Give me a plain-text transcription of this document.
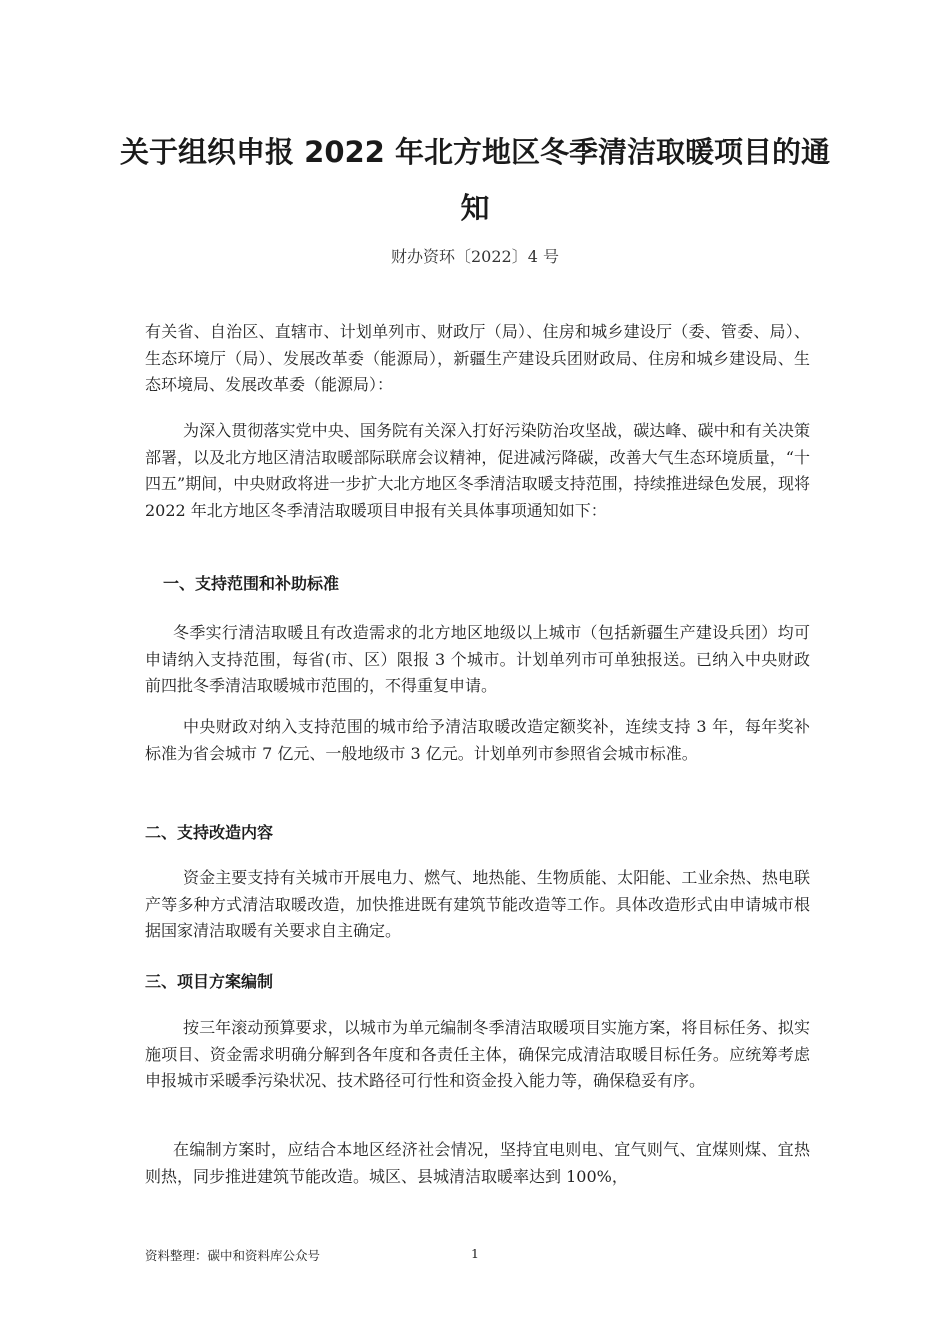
关于组织申报 2022 年北方地区冬季清洁取暖项目的通知
财办资环〔2022〕4 号

有关省、自治区、直辖市、计划单列市、财政厅（局）、住房和城乡建设厅（委、管委、局）、生态环境厅（局）、发展改革委（能源局），新疆生产建设兵团财政局、住房和城乡建设局、生态环境局、发展改革委（能源局）：

为深入贯彻落实党中央、国务院有关深入打好污染防治攻坚战，碳达峰、碳中和有关决策部署，以及北方地区清洁取暖部际联席会议精神，促进减污降碳，改善大气生态环境质量，“十四五”期间，中央财政将进一步扩大北方地区冬季清洁取暖支持范围，持续推进绿色发展，现将 2022 年北方地区冬季清洁取暖项目申报有关具体事项通知如下：

一、支持范围和补助标准

冬季实行清洁取暖且有改造需求的北方地区地级以上城市（包括新疆生产建设兵团）均可申请纳入支持范围，每省(市、区）限报 3 个城市。计划单列市可单独报送。已纳入中央财政前四批冬季清洁取暖城市范围的，不得重复申请。

中央财政对纳入支持范围的城市给予清洁取暖改造定额奖补，连续支持 3 年，每年奖补标准为省会城市 7 亿元、一般地级市 3 亿元。计划单列市参照省会城市标准。

二、支持改造内容

资金主要支持有关城市开展电力、燃气、地热能、生物质能、太阳能、工业余热、热电联产等多种方式清洁取暖改造，加快推进既有建筑节能改造等工作。具体改造形式由申请城市根据国家清洁取暖有关要求自主确定。

三、项目方案编制

按三年滚动预算要求，以城市为单元编制冬季清洁取暖项目实施方案，将目标任务、拟实施项目、资金需求明确分解到各年度和各责任主体，确保完成清洁取暖目标任务。应统筹考虑申报城市采暖季污染状况、技术路径可行性和资金投入能力等，确保稳妥有序。

在编制方案时，应结合本地区经济社会情况，坚持宜电则电、宜气则气、宜煤则煤、宜热则热，同步推进建筑节能改造。城区、县城清洁取暖率达到 100%，

资料整理：碳中和资料库公众号	1
